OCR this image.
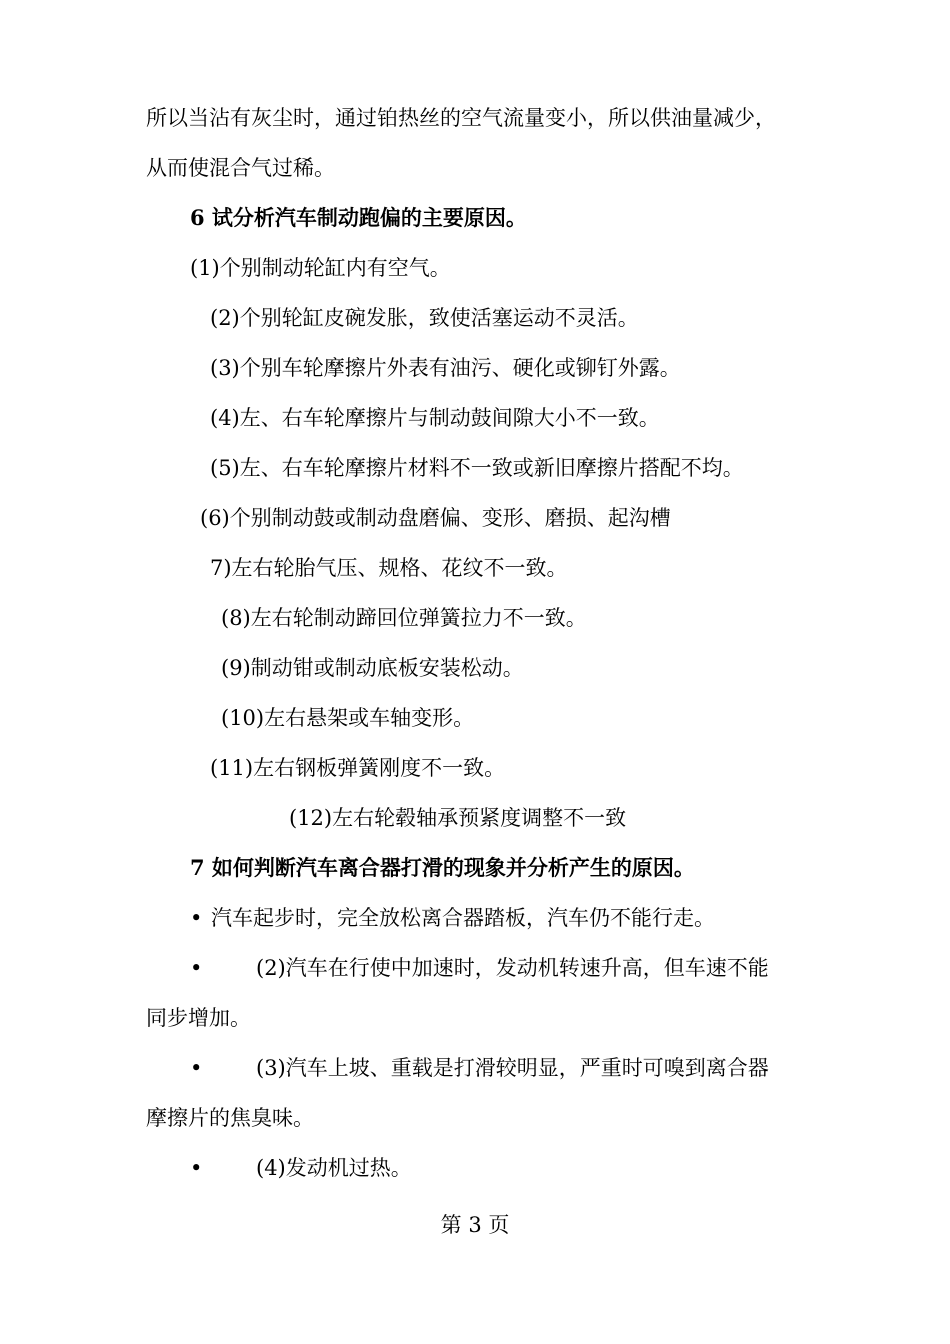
所以当沾有灰尘时，通过铂热丝的空气流量变小，所以供油量减少，
从而使混合气过稀。
6 试分析汽车制动跑偏的主要原因。
(1)个别制动轮缸内有空气。
(2)个别轮缸皮碗发胀，致使活塞运动不灵活。
(3)个别车轮摩擦片外表有油污、硬化或铆钉外露。
(4)左、右车轮摩擦片与制动鼓间隙大小不一致。
(5)左、右车轮摩擦片材料不一致或新旧摩擦片搭配不均。
(6)个别制动鼓或制动盘磨偏、变形、磨损、起沟槽
7)左右轮胎气压、规格、花纹不一致。
(8)左右轮制动蹄回位弹簧拉力不一致。
(9)制动钳或制动底板安装松动。
(10)左右悬架或车轴变形。
(11)左右钢板弹簧刚度不一致。
(12)左右轮毂轴承预紧度调整不一致
7 如何判断汽车离合器打滑的现象并分析产生的原因。
• 汽车起步时，完全放松离合器踏板，汽车仍不能行走。
•	(2)汽车在行使中加速时，发动机转速升高，但车速不能
同步增加。
•	(3)汽车上坡、重载是打滑较明显，严重时可嗅到离合器
摩擦片的焦臭味。
•	(4)发动机过热。
第 3 页
